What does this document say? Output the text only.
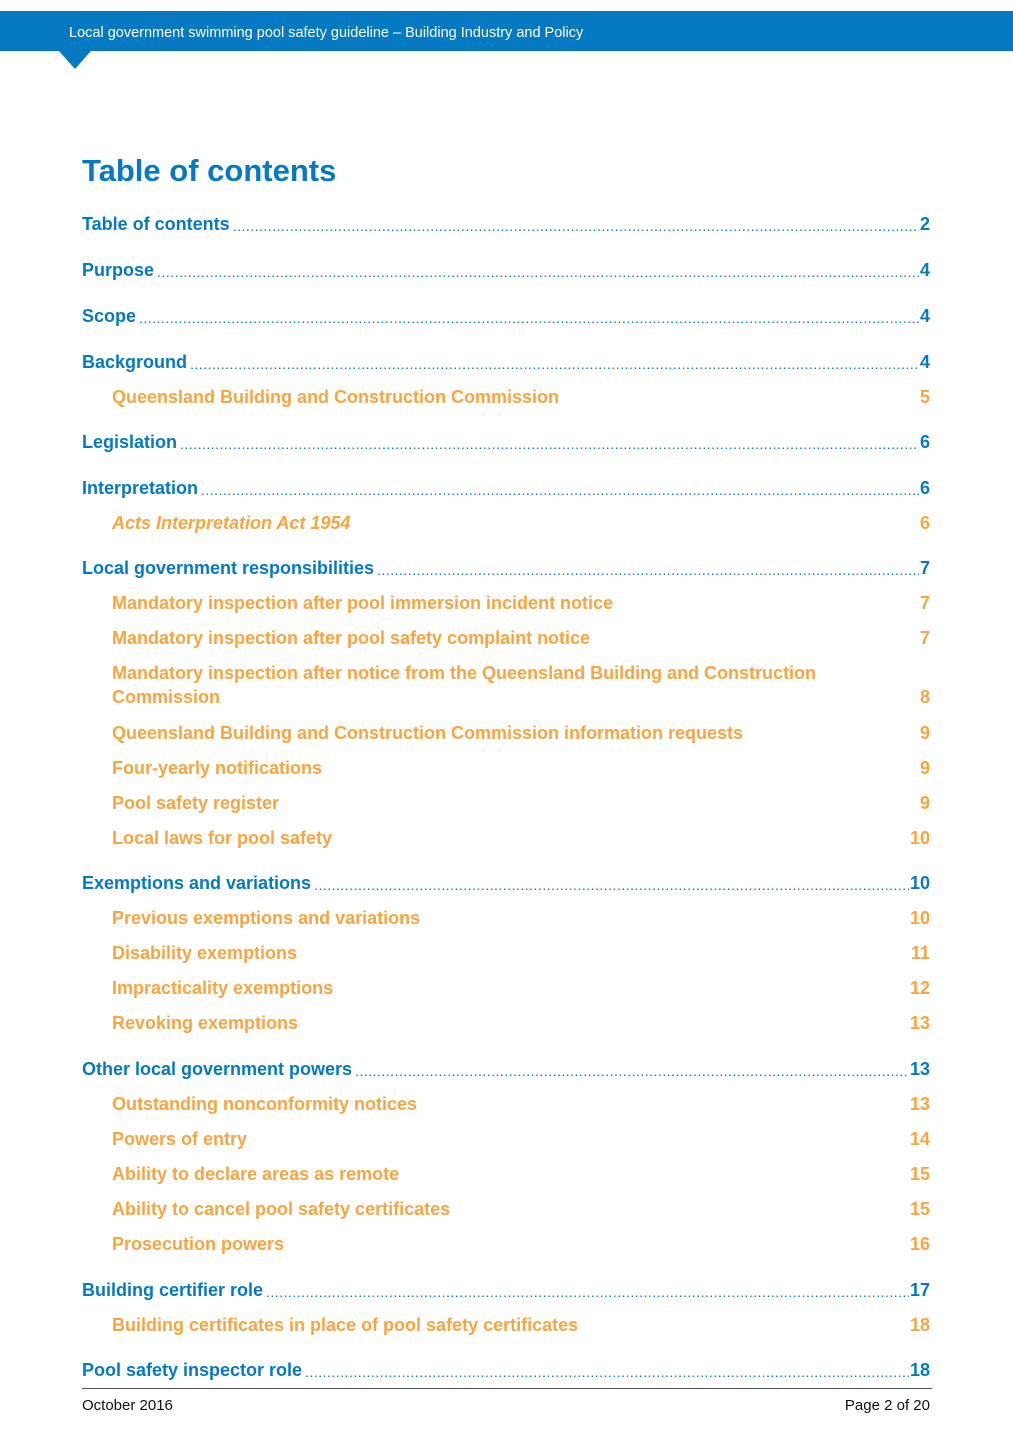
Local government swimming pool safety guideline – Building Industry and Policy
Table of contents
Table of contents .....	2
Purpose .....	4
Scope .....	4
Background .....	4
Queensland Building and Construction Commission	5
Legislation .....	6
Interpretation .....	6
Acts Interpretation Act 1954	6
Local government responsibilities .....	7
Mandatory inspection after pool immersion incident notice	7
Mandatory inspection after pool safety complaint notice	7
Mandatory inspection after notice from the Queensland Building and Construction Commission	8
Queensland Building and Construction Commission information requests	9
Four-yearly notifications	9
Pool safety register	9
Local laws for pool safety	10
Exemptions and variations .....	10
Previous exemptions and variations	10
Disability exemptions	11
Impracticality exemptions	12
Revoking exemptions	13
Other local government powers .....	13
Outstanding nonconformity notices	13
Powers of entry	14
Ability to declare areas as remote	15
Ability to cancel pool safety certificates	15
Prosecution powers	16
Building certifier role .....	17
Building certificates in place of pool safety certificates	18
Pool safety inspector role .....	18
October 2016	Page 2 of 20
